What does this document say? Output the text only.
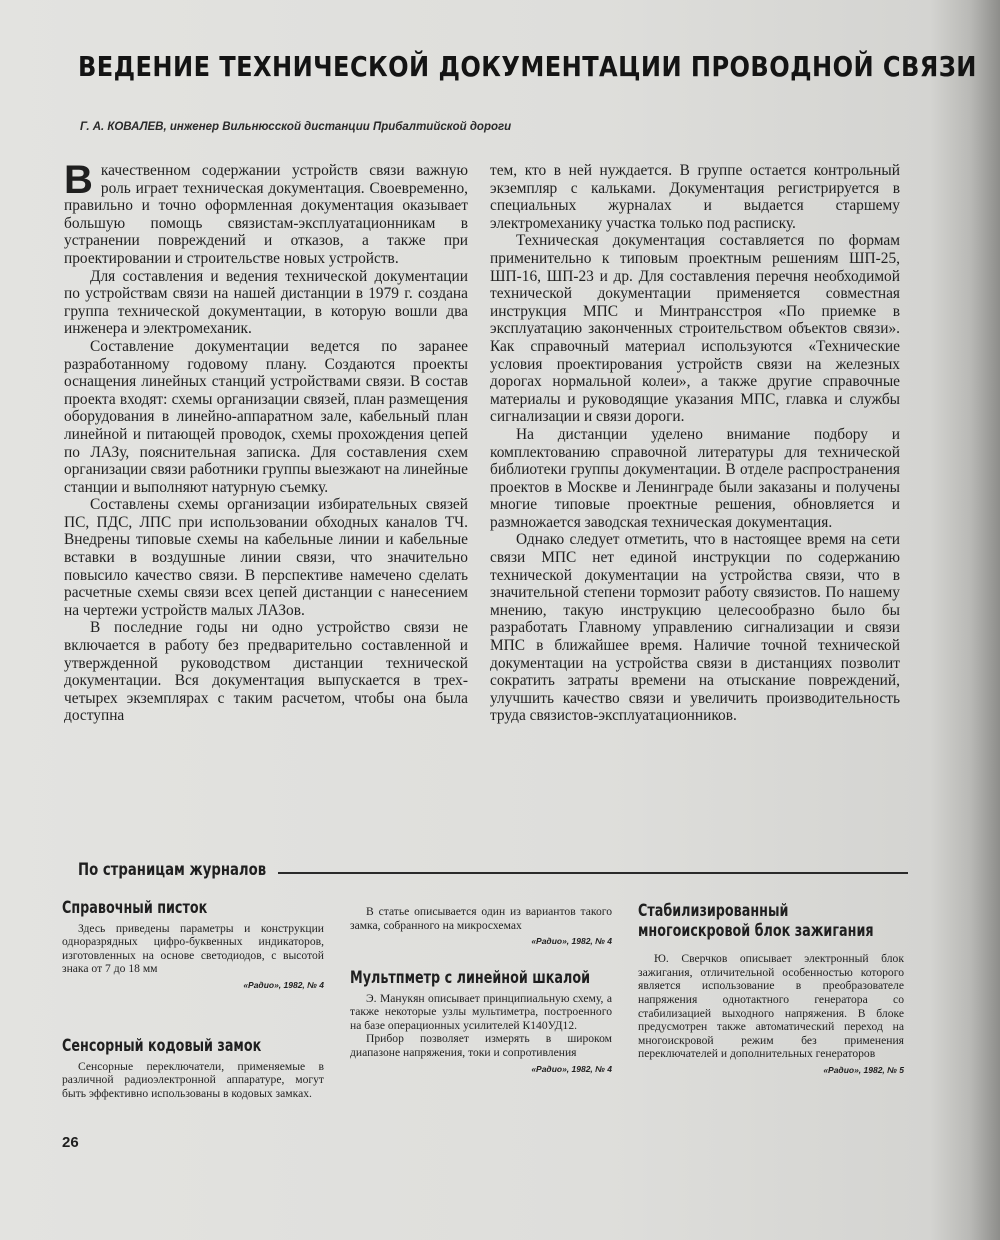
ВЕДЕНИЕ ТЕХНИЧЕСКОЙ ДОКУМЕНТАЦИИ ПРОВОДНОЙ СВЯЗИ
Г. А. КОВАЛЕВ, инженер Вильнюсской дистанции Прибалтийской дороги

В качественном содержании устройств связи важную роль играет техническая документация. Своевременно, правильно и точно оформленная документация оказывает большую помощь связистам-эксплуатационникам в устранении повреждений и отказов, а также при проектировании и строительстве новых устройств.

Для составления и ведения технической документации по устройствам связи на нашей дистанции в 1979 г. создана группа технической документации, в которую вошли два инженера и электромеханик.

Составление документации ведется по заранее разработанному годовому плану. Создаются проекты оснащения линейных станций устройствами связи. В состав проекта входят: схемы организации связей, план размещения оборудования в линейно-аппаратном зале, кабельный план линейной и питающей проводок, схемы прохождения цепей по ЛАЗу, пояснительная записка. Для составления схем организации связи работники группы выезжают на линейные станции и выполняют натурную съемку.

Составлены схемы организации избирательных связей ПС, ПДС, ЛПС при использовании обходных каналов ТЧ. Внедрены типовые схемы на кабельные линии и кабельные вставки в воздушные линии связи, что значительно повысило качество связи. В перспективе намечено сделать расчетные схемы связи всех цепей дистанции с нанесением на чертежи устройств малых ЛАЗов.

В последние годы ни одно устройство связи не включается в работу без предварительно составленной и утвержденной руководством дистанции технической документации. Вся документация выпускается в трех-четырех экземплярах с таким расчетом, чтобы она была доступна

тем, кто в ней нуждается. В группе остается контрольный экземпляр с кальками. Документация регистрируется в специальных журналах и выдается старшему электромеханику участка только под расписку.

Техническая документация составляется по формам применительно к типовым проектным решениям ШП-25, ШП-16, ШП-23 и др. Для составления перечня необходимой технической документации применяется совместная инструкция МПС и Минтрансстроя «По приемке в эксплуатацию законченных строительством объектов связи». Как справочный материал используются «Технические условия проектирования устройств связи на железных дорогах нормальной колеи», а также другие справочные материалы и руководящие указания МПС, главка и службы сигнализации и связи дороги.

На дистанции уделено внимание подбору и комплектованию справочной литературы для технической библиотеки группы документации. В отделе распространения проектов в Москве и Ленинграде были заказаны и получены многие типовые проектные решения, обновляется и размножается заводская техническая документация.

Однако следует отметить, что в настоящее время на сети связи МПС нет единой инструкции по содержанию технической документации на устройства связи, что в значительной степени тормозит работу связистов. По нашему мнению, такую инструкцию целесообразно было бы разработать Главному управлению сигнализации и связи МПС в ближайшее время. Наличие точной технической документации на устройства связи в дистанциях позволит сократить затраты времени на отыскание повреждений, улучшить качество связи и увеличить производительность труда связистов-эксплуатационников.

По страницам журналов
Справочный пиcток

Здесь приведены параметры и конструкции одноразрядных цифро-буквенных индикаторов, изготовленных на основе светодиодов, с высотой знака от 7 до 18 мм

«Радио», 1982, № 4
Сенсорный кодовый замок

Сенсорные переключатели, применяемые в различной радиоэлектронной аппаратуре, могут быть эффективно использованы в кодовых замках.

В статье описывается один из вариантов такого замка, собранного на микросхемах

«Радио», 1982, № 4
Мультпметр с линейной шкалой

Э. Манукян описывает принципиальную схему, а также некоторые узлы мультиметра, построенного на базе операционных усилителей К140УД12.

Прибор позволяет измерять в широком диапазоне напряжения, токи и сопротивления

«Радио», 1982, № 4
Стабилизированный
многоискровой блок зажигания

Ю. Сверчков описывает электронный блок зажигания, отличительной особенностью которого является использование в преобразователе напряжения однотактного генератора со стабилизацией выходного напряжения. В блоке предусмотрен также автоматический переход на многоискровой режим без применения переключателей и дополнительных генераторов

«Радио», 1982, № 5
26
